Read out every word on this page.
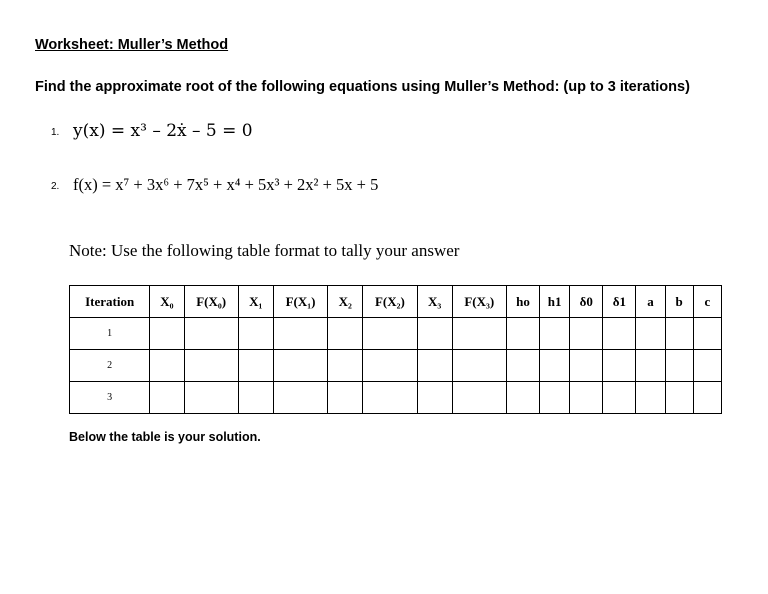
Worksheet: Muller’s Method
Find the approximate root of the following equations using Muller’s Method: (up to 3 iterations)
1. y(x) = x³ – 2ẋ – 5 = 0
2. f(x) = x⁷ + 3x⁶ + 7x⁵ + x⁴ + 5x³ + 2x² + 5x + 5
Note: Use the following table format to tally your answer
Iteration	X₀	F(X₀)	X₁	F(X₁)	X₂	F(X₂)	X₃	F(X₃)	ho	h1	δ0	δ1	a	b	c
1															
2															
3															
Below the table is your solution.
